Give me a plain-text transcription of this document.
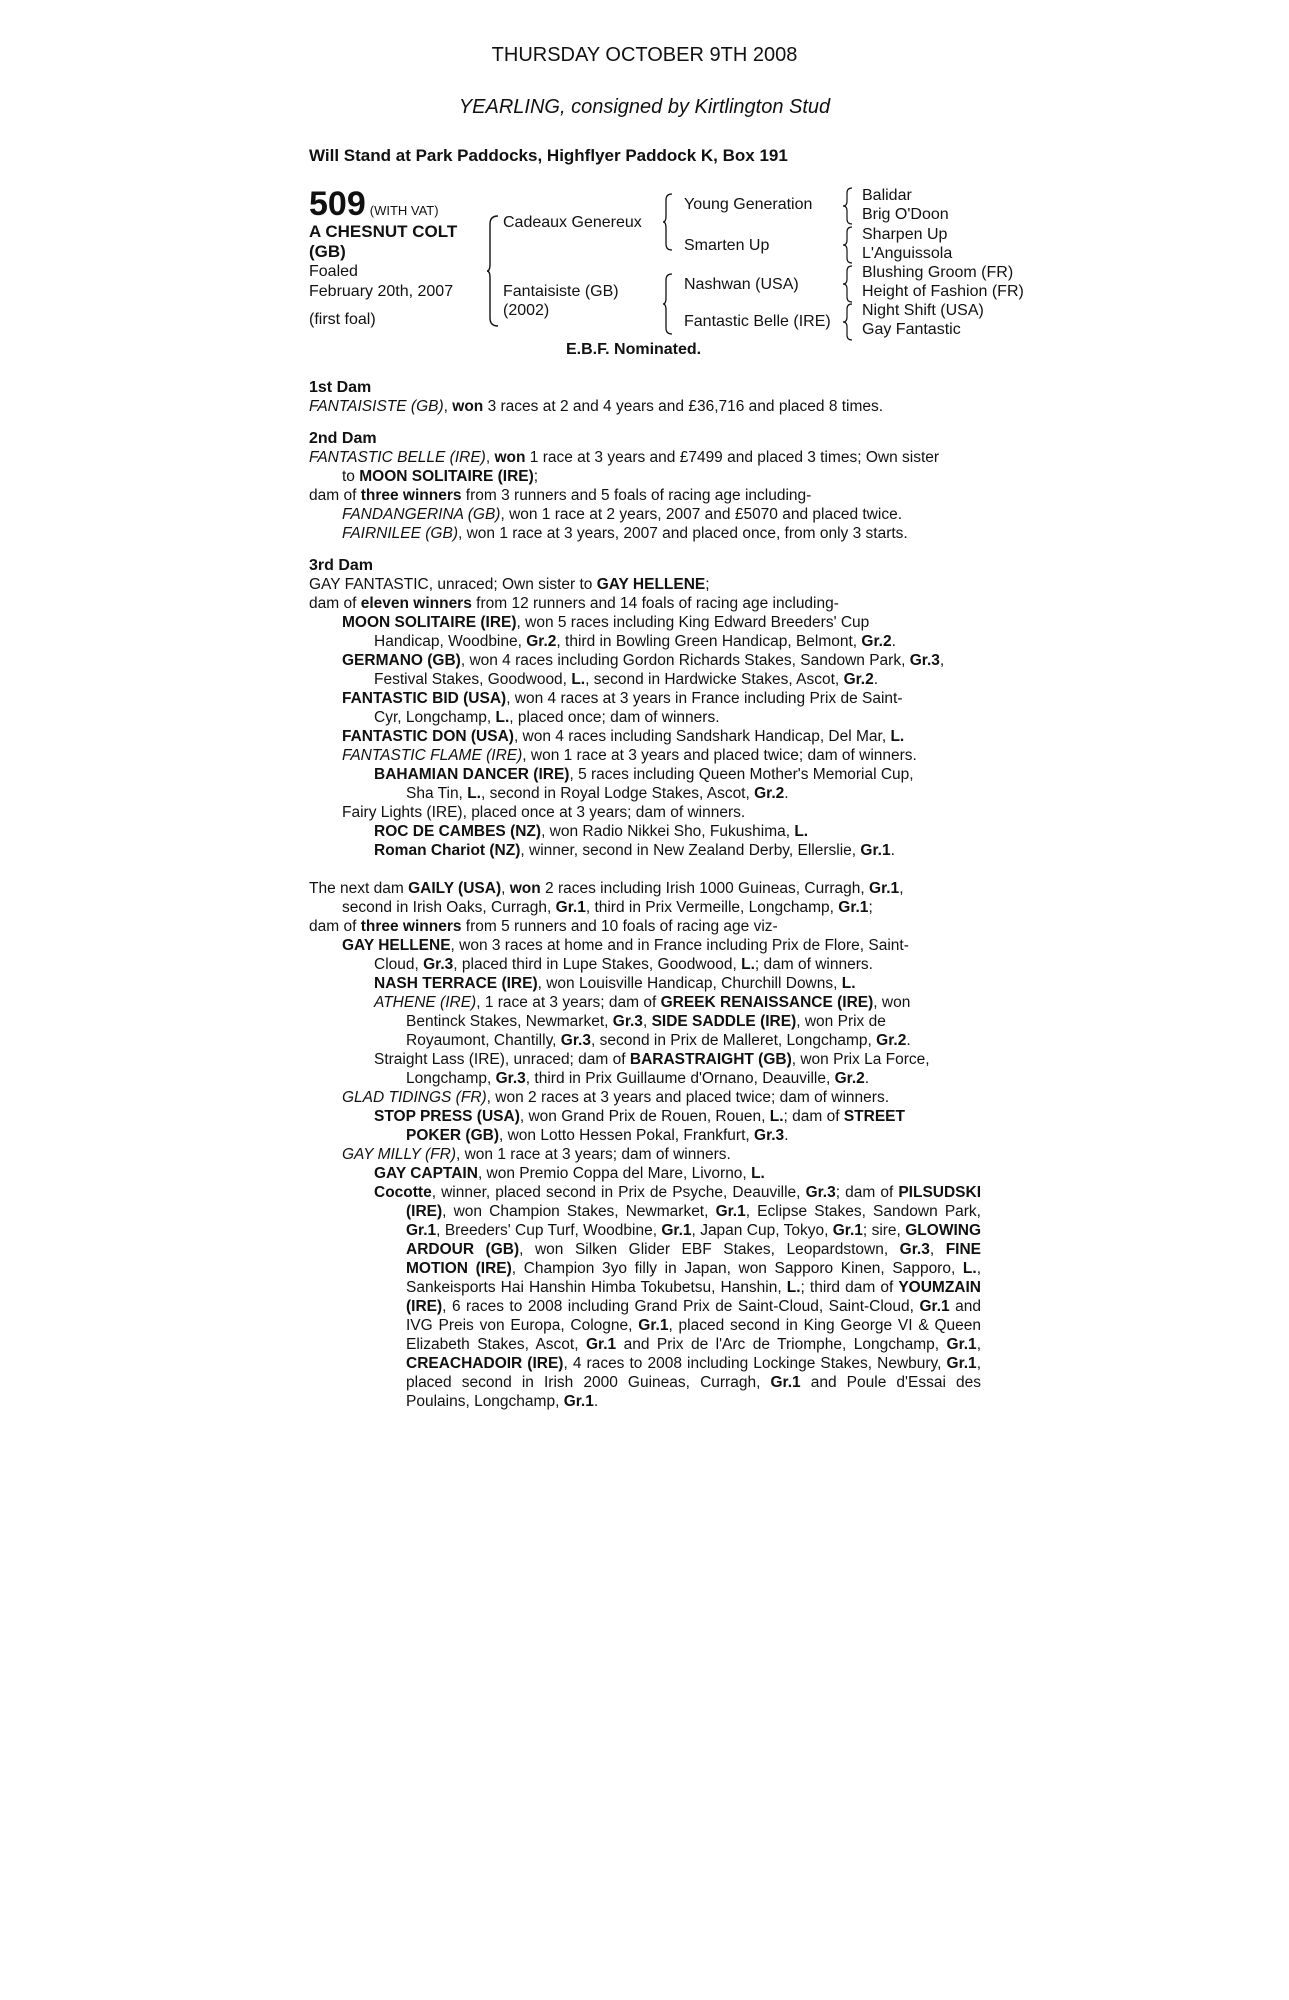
THURSDAY OCTOBER 9TH 2008
YEARLING, consigned by Kirtlington Stud
Will Stand at Park Paddocks, Highflyer Paddock K, Box 191
509 (WITH VAT)
A CHESNUT COLT
(GB)
Foaled
February 20th, 2007
(first foal)
Cadeaux Genereux
Fantaisiste (GB)
(2002)
Young Generation
Smarten Up
Nashwan (USA)
Fantastic Belle (IRE)
Balidar
Brig O'Doon
Sharpen Up
L'Anguissola
Blushing Groom (FR)
Height of Fashion (FR)
Night Shift (USA)
Gay Fantastic
E.B.F. Nominated.
1st Dam

FANTAISISTE (GB), won 3 races at 2 and 4 years and £36,716 and placed 8 times.

2nd Dam

FANTASTIC BELLE (IRE), won 1 race at 3 years and £7499 and placed 3 times; Own sister

to MOON SOLITAIRE (IRE);

dam of three winners from 3 runners and 5 foals of racing age including-

FANDANGERINA (GB), won 1 race at 2 years, 2007 and £5070 and placed twice.

FAIRNILEE (GB), won 1 race at 3 years, 2007 and placed once, from only 3 starts.

3rd Dam

GAY FANTASTIC, unraced; Own sister to GAY HELLENE;

dam of eleven winners from 12 runners and 14 foals of racing age including-

MOON SOLITAIRE (IRE), won 5 races including King Edward Breeders' Cup

Handicap, Woodbine, Gr.2, third in Bowling Green Handicap, Belmont, Gr.2.

GERMANO (GB), won 4 races including Gordon Richards Stakes, Sandown Park, Gr.3,

Festival Stakes, Goodwood, L., second in Hardwicke Stakes, Ascot, Gr.2.

FANTASTIC BID (USA), won 4 races at 3 years in France including Prix de Saint-

Cyr, Longchamp, L., placed once; dam of winners.

FANTASTIC DON (USA), won 4 races including Sandshark Handicap, Del Mar, L.

FANTASTIC FLAME (IRE), won 1 race at 3 years and placed twice; dam of winners.

BAHAMIAN DANCER (IRE), 5 races including Queen Mother's Memorial Cup,

Sha Tin, L., second in Royal Lodge Stakes, Ascot, Gr.2.

Fairy Lights (IRE), placed once at 3 years; dam of winners.

ROC DE CAMBES (NZ), won Radio Nikkei Sho, Fukushima, L.

Roman Chariot (NZ), winner, second in New Zealand Derby, Ellerslie, Gr.1.

The next dam GAILY (USA), won 2 races including Irish 1000 Guineas, Curragh, Gr.1,

second in Irish Oaks, Curragh, Gr.1, third in Prix Vermeille, Longchamp, Gr.1;

dam of three winners from 5 runners and 10 foals of racing age viz-

GAY HELLENE, won 3 races at home and in France including Prix de Flore, Saint-

Cloud, Gr.3, placed third in Lupe Stakes, Goodwood, L.; dam of winners.

NASH TERRACE (IRE), won Louisville Handicap, Churchill Downs, L.

ATHENE (IRE), 1 race at 3 years; dam of GREEK RENAISSANCE (IRE), won

Bentinck Stakes, Newmarket, Gr.3, SIDE SADDLE (IRE), won Prix de

Royaumont, Chantilly, Gr.3, second in Prix de Malleret, Longchamp, Gr.2.

Straight Lass (IRE), unraced; dam of BARASTRAIGHT (GB), won Prix La Force,

Longchamp, Gr.3, third in Prix Guillaume d'Ornano, Deauville, Gr.2.

GLAD TIDINGS (FR), won 2 races at 3 years and placed twice; dam of winners.

STOP PRESS (USA), won Grand Prix de Rouen, Rouen, L.; dam of STREET

POKER (GB), won Lotto Hessen Pokal, Frankfurt, Gr.3.

GAY MILLY (FR), won 1 race at 3 years; dam of winners.

GAY CAPTAIN, won Premio Coppa del Mare, Livorno, L.

Cocotte, winner, placed second in Prix de Psyche, Deauville, Gr.3; dam of PILSUDSKI (IRE), won Champion Stakes, Newmarket, Gr.1, Eclipse Stakes, Sandown Park, Gr.1, Breeders' Cup Turf, Woodbine, Gr.1, Japan Cup, Tokyo, Gr.1; sire, GLOWING ARDOUR (GB), won Silken Glider EBF Stakes, Leopardstown, Gr.3, FINE MOTION (IRE), Champion 3yo filly in Japan, won Sapporo Kinen, Sapporo, L., Sankeisports Hai Hanshin Himba Tokubetsu, Hanshin, L.; third dam of YOUMZAIN (IRE), 6 races to 2008 including Grand Prix de Saint-Cloud, Saint-Cloud, Gr.1 and IVG Preis von Europa, Cologne, Gr.1, placed second in King George VI & Queen Elizabeth Stakes, Ascot, Gr.1 and Prix de l'Arc de Triomphe, Longchamp, Gr.1, CREACHADOIR (IRE), 4 races to 2008 including Lockinge Stakes, Newbury, Gr.1, placed second in Irish 2000 Guineas, Curragh, Gr.1 and Poule d'Essai des Poulains, Longchamp, Gr.1.
